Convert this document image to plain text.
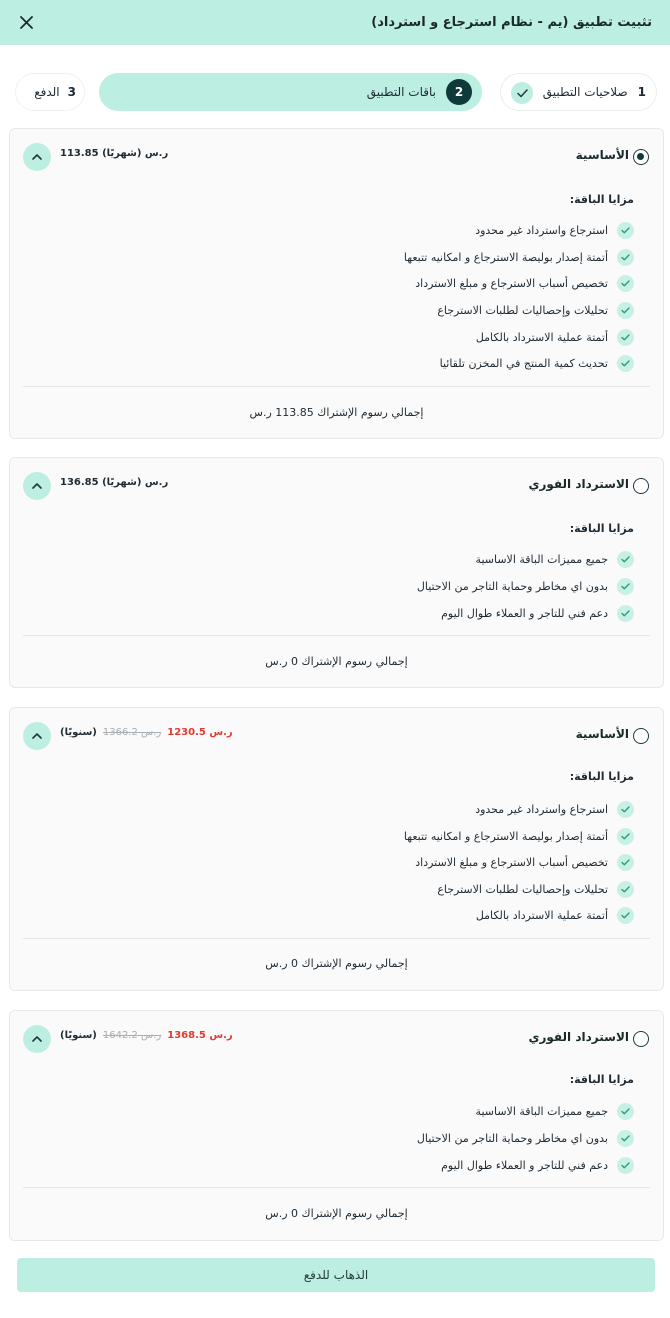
تثبيت تطبيق (يم - نظام استرجاع و استرداد)
1
صلاحيات التطبيق
2
باقات التطبيق
3
الدفع
الأساسية
113.85 ر.س (شهريًا)
مزايا الباقة:
استرجاع واسترداد غير محدود
أتمتة إصدار بوليصة الاسترجاع و امكانيه تتبعها
تخصيص أسباب الاسترجاع و مبلغ الاسترداد
تحليلات وإحصاليات لطلبات الاسترجاع
أتمتة عملية الاسترداد بالكامل
تحديث كمية المنتج في المخزن تلقائيا
إجمالي رسوم الإشتراك 113.85 ر.س
الاسترداد الفوري
136.85 ر.س (شهريًا)
مزايا الباقة:
جميع مميزات الباقة الاساسية
بدون اي مخاطر وحماية التاجر من الاحتيال
دعم فني للتاجر و العملاء طوال اليوم
إجمالي رسوم الإشتراك 0 ر.س
الأساسية
(سنويًا) 1366.2 ر.س 1230.5 ر.س
مزايا الباقة:
استرجاع واسترداد غير محدود
أتمتة إصدار بوليصة الاسترجاع و امكانيه تتبعها
تخصيص أسباب الاسترجاع و مبلغ الاسترداد
تحليلات وإحصاليات لطلبات الاسترجاع
أتمتة عملية الاسترداد بالكامل
إجمالي رسوم الإشتراك 0 ر.س
الاسترداد الفوري
(سنويًا) 1642.2 ر.س 1368.5 ر.س
مزايا الباقة:
جميع مميزات الباقة الاساسية
بدون اي مخاطر وحماية التاجر من الاحتيال
دعم فني للتاجر و العملاء طوال اليوم
إجمالي رسوم الإشتراك 0 ر.س
الذهاب للدفع
